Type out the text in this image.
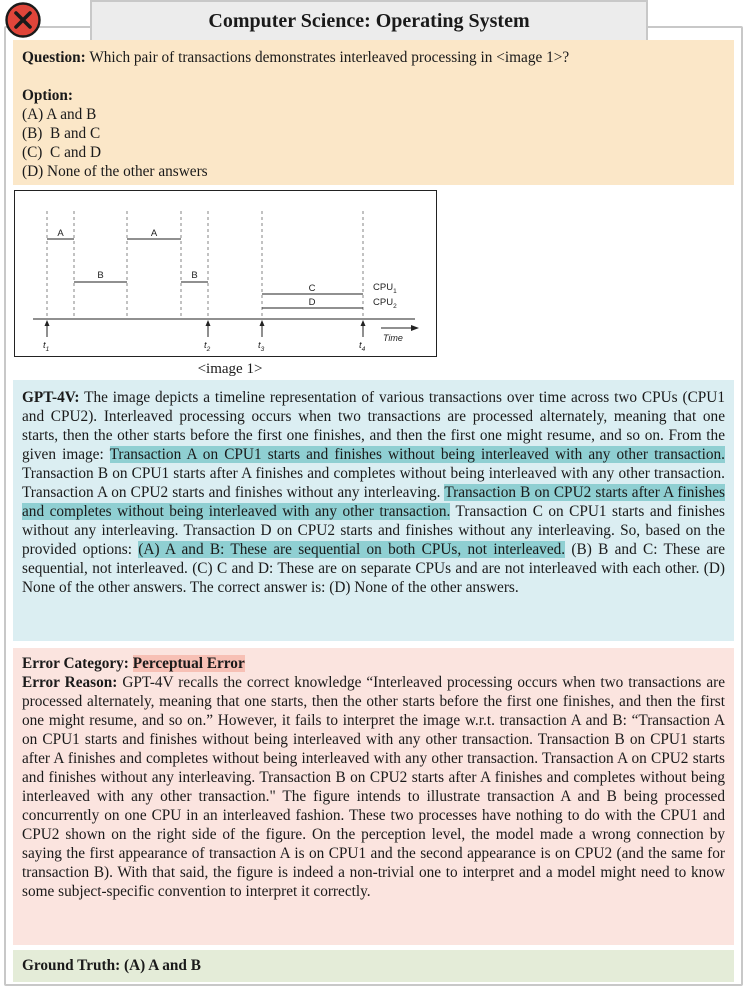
Computer Science: Operating System
Question: Which pair of transactions demonstrates interleaved processing in <image 1>?
Option:
(A) A and B
(B)  B and C
(C)  C and D
(D) None of the other answers
A	A
B	B
C
D
$CPU_1$
$CPU_2$
Time
$t_1$	$t_2$	$t_3$	$t_4$
<image 1>
GPT-4V: The image depicts a timeline representation of various transactions over time across two CPUs (CPU1 and CPU2). Interleaved processing occurs when two transactions are processed alternately, meaning that one starts, then the other starts before the first one finishes, and then the first one might resume, and so on. From the given image: Transaction A on CPU1 starts and finishes without being interleaved with any other transaction. Transaction B on CPU1 starts after A finishes and completes without being interleaved with any other transaction. Transaction A on CPU2 starts and finishes without any interleaving. Transaction B on CPU2 starts after A finishes and completes without being interleaved with any other transaction. Transaction C on CPU1 starts and finishes without any interleaving. Transaction D on CPU2 starts and finishes without any interleaving. So, based on the provided options: (A) A and B: These are sequential on both CPUs, not interleaved. (B) B and C: These are sequential, not interleaved. (C) C and D: These are on separate CPUs and are not interleaved with each other. (D) None of the other answers. The correct answer is: (D) None of the other answers.
Error Category: Perceptual Error
Error Reason: GPT-4V recalls the correct knowledge “Interleaved processing occurs when two transactions are processed alternately, meaning that one starts, then the other starts before the first one finishes, and then the first one might resume, and so on.” However, it fails to interpret the image w.r.t. transaction A and B: “Transaction A on CPU1 starts and finishes without being interleaved with any other transaction. Transaction B on CPU1 starts after A finishes and completes without being interleaved with any other transaction. Transaction A on CPU2 starts and finishes without any interleaving. Transaction B on CPU2 starts after A finishes and completes without being interleaved with any other transaction." The figure intends to illustrate transaction A and B being processed concurrently on one CPU in an interleaved fashion. These two processes have nothing to do with the CPU1 and CPU2 shown on the right side of the figure. On the perception level, the model made a wrong connection by saying the first appearance of transaction A is on CPU1 and the second appearance is on CPU2 (and the same for transaction B). With that said, the figure is indeed a non-trivial one to interpret and a model might need to know some subject-specific convention to interpret it correctly.
Ground Truth: (A) A and B
